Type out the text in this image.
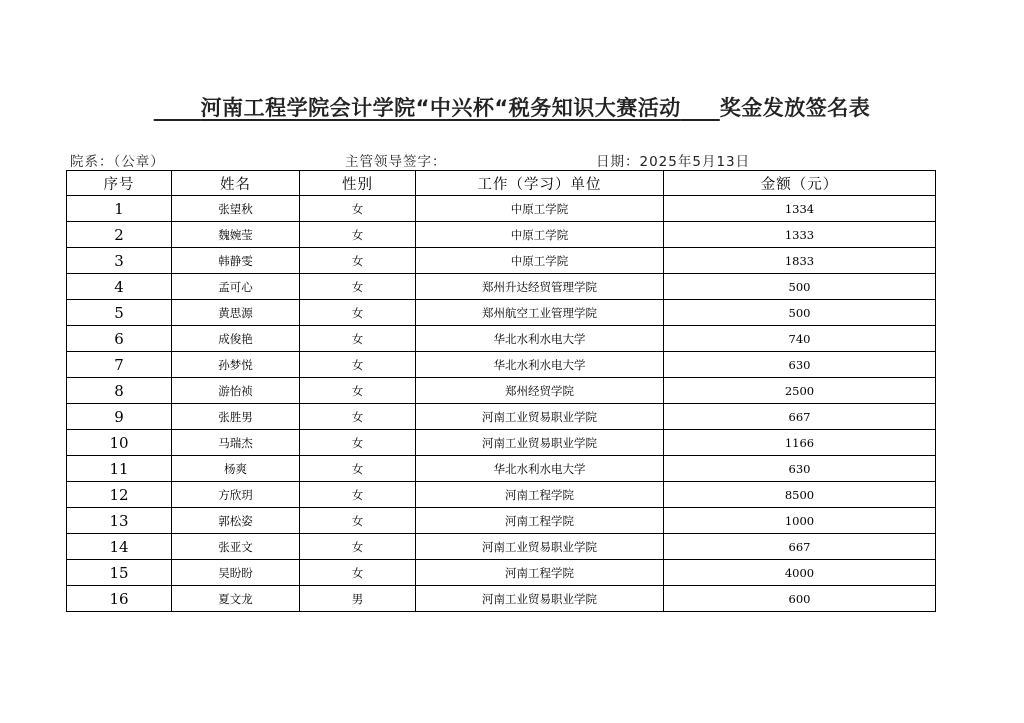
河南工程学院会计学院“中兴杯“税务知识大赛活动 奖金发放签名表
院系：（公章）	主管领导签字：	日期：2025年5月13日
序号	姓名	性别	工作（学习）单位	金额（元）
1	张望秋	女	中原工学院	1334
2	魏婉莹	女	中原工学院	1333
3	韩静雯	女	中原工学院	1833
4	孟可心	女	郑州升达经贸管理学院	500
5	黄思源	女	郑州航空工业管理学院	500
6	成俊艳	女	华北水利水电大学	740
7	孙梦悦	女	华北水利水电大学	630
8	游怡祯	女	郑州经贸学院	2500
9	张胜男	女	河南工业贸易职业学院	667
10	马瑞杰	女	河南工业贸易职业学院	1166
11	杨爽	女	华北水利水电大学	630
12	方欣玥	女	河南工程学院	8500
13	郭松姿	女	河南工程学院	1000
14	张亚文	女	河南工业贸易职业学院	667
15	吴盼盼	女	河南工程学院	4000
16	夏文龙	男	河南工业贸易职业学院	600
